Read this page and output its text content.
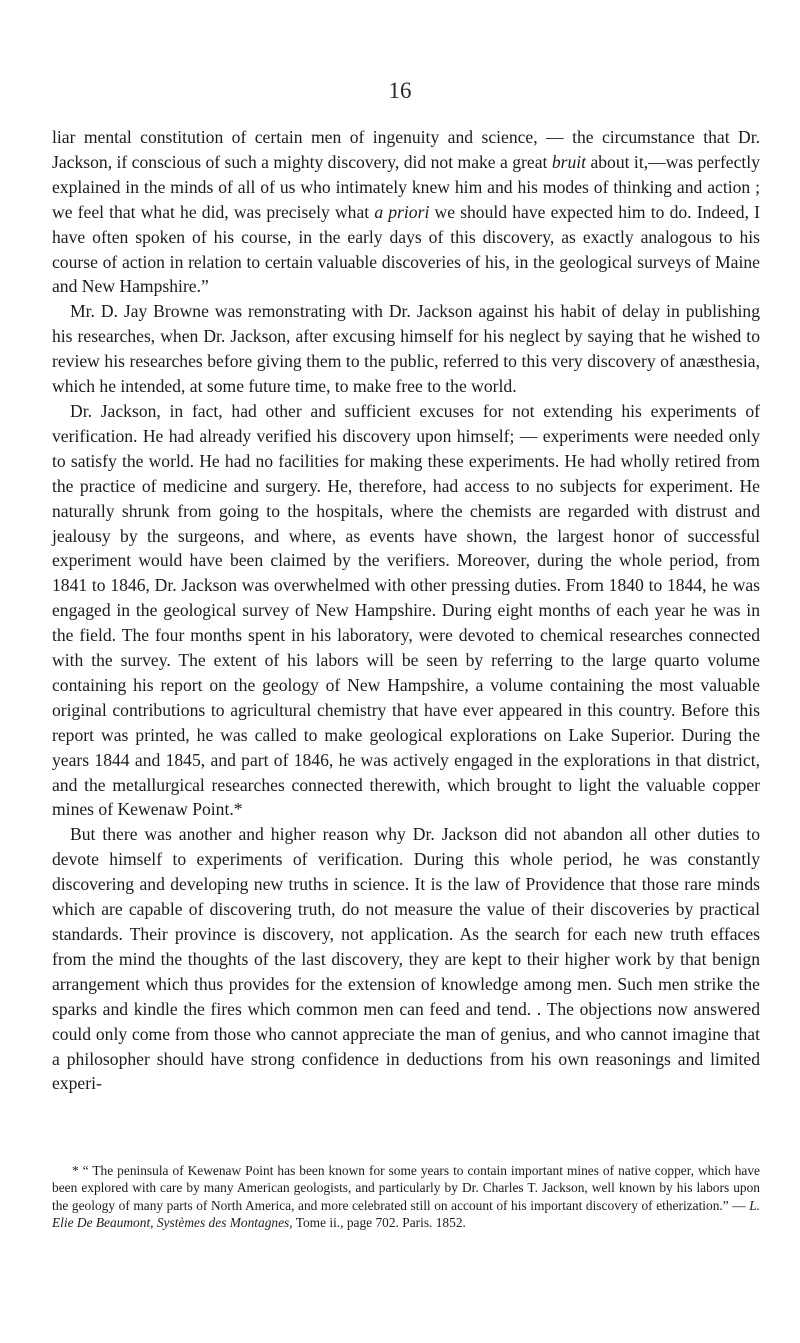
16

liar mental constitution of certain men of ingenuity and science, — the circumstance that Dr. Jackson, if conscious of such a mighty discovery, did not make a great bruit about it,—was perfectly explained in the minds of all of us who intimately knew him and his modes of thinking and action ; we feel that what he did, was precisely what a priori we should have expected him to do. Indeed, I have often spoken of his course, in the early days of this discovery, as exactly analogous to his course of action in relation to certain valuable discoveries of his, in the geological surveys of Maine and New Hampshire.”

Mr. D. Jay Browne was remonstrating with Dr. Jackson against his habit of delay in publishing his researches, when Dr. Jackson, after excusing himself for his neglect by saying that he wished to review his researches before giving them to the public, referred to this very discovery of anæsthesia, which he intended, at some future time, to make free to the world.

Dr. Jackson, in fact, had other and sufficient excuses for not extending his experiments of verification. He had already verified his discovery upon himself; — experiments were needed only to satisfy the world. He had no facilities for making these experiments. He had wholly retired from the practice of medicine and surgery. He, therefore, had access to no subjects for experiment. He naturally shrunk from going to the hospitals, where the chemists are regarded with distrust and jealousy by the surgeons, and where, as events have shown, the largest honor of successful experiment would have been claimed by the verifiers. Moreover, during the whole period, from 1841 to 1846, Dr. Jackson was overwhelmed with other pressing duties. From 1840 to 1844, he was engaged in the geological survey of New Hampshire. During eight months of each year he was in the field. The four months spent in his laboratory, were devoted to chemical researches connected with the survey. The extent of his labors will be seen by referring to the large quarto volume containing his report on the geology of New Hampshire, a volume containing the most valuable original contributions to agricultural chemistry that have ever appeared in this country. Before this report was printed, he was called to make geological explorations on Lake Superior. During the years 1844 and 1845, and part of 1846, he was actively engaged in the explorations in that district, and the metallurgical researches connected therewith, which brought to light the valuable copper mines of Kewenaw Point.*

But there was another and higher reason why Dr. Jackson did not abandon all other duties to devote himself to experiments of verification. During this whole period, he was constantly discovering and developing new truths in science. It is the law of Providence that those rare minds which are capable of discovering truth, do not measure the value of their discoveries by practical standards. Their province is discovery, not application. As the search for each new truth effaces from the mind the thoughts of the last discovery, they are kept to their higher work by that benign arrangement which thus provides for the extension of knowledge among men. Such men strike the sparks and kindle the fires which common men can feed and tend. . The objections now answered could only come from those who cannot appreciate the man of genius, and who cannot imagine that a philosopher should have strong confidence in deductions from his own reasonings and limited experi-

* “ The peninsula of Kewenaw Point has been known for some years to contain important mines of native copper, which have been explored with care by many American geologists, and particularly by Dr. Charles T. Jackson, well known by his labors upon the geology of many parts of North America, and more celebrated still on account of his important discovery of etherization.” — L. Elie De Beaumont, Systèmes des Montagnes, Tome ii., page 702. Paris. 1852.
